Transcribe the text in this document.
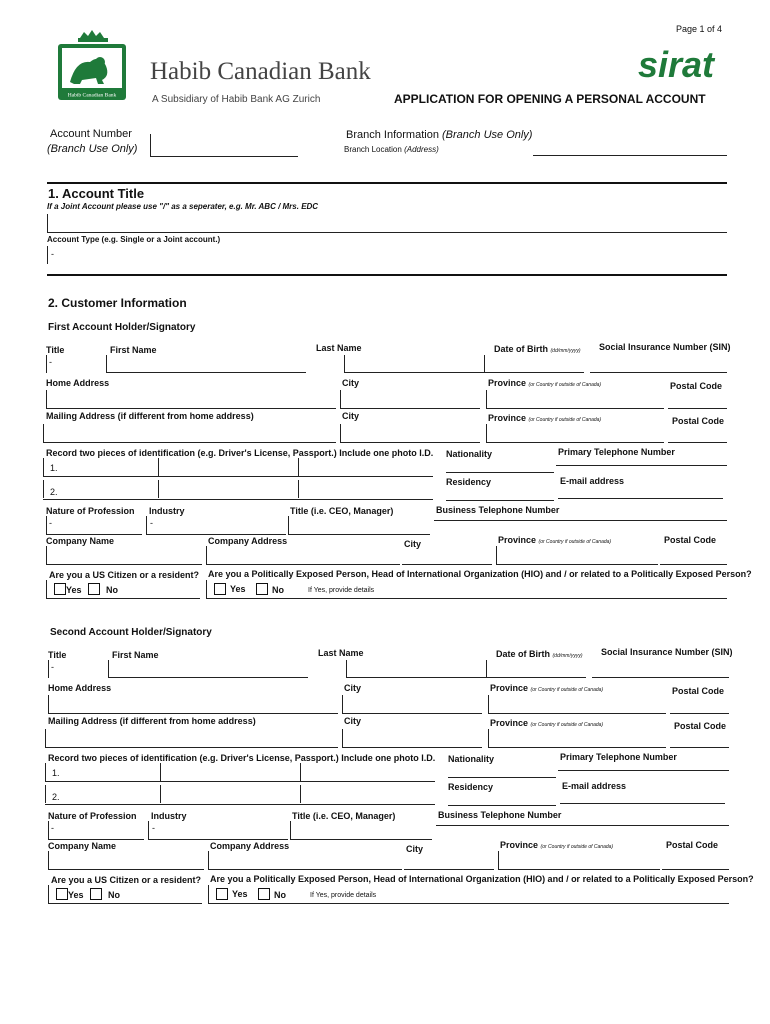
Page 1 of 4
Habib Canadian Bank
Habib Canadian Bank
A Subsidiary of Habib Bank AG Zurich
sirat
APPLICATION FOR OPENING A PERSONAL ACCOUNT
Account Number
(Branch Use Only)
Branch Information (Branch Use Only)
Branch Location (Address)
1. Account Title
If a Joint Account please use "/" as a seperater, e.g. Mr. ABC / Mrs. EDC
Account Type (e.g. Single or a Joint account.)
-
2. Customer Information
First Account Holder/Signatory
Title	First Name	Last Name	Date of Birth (dd/mm/yyyy) Social Insurance Number (SIN)
-
Home Address	City	Province (or Country if outside of Canada)	Postal Code
Mailing Address (if different from home address)	City	Province (or Country if outside of Canada)	Postal Code
Record two pieces of identification (e.g. Driver's License, Passport.) Include one photo I.D. Nationality	Primary Telephone Number
1.
Residency	E-mail address
2.
Nature of Profession Industry	Title (i.e. CEO, Manager)	Business Telephone Number
-	-
Company Name	Company Address	City	Province (or Country if outside of Canada)	Postal Code
Are you a US Citizen or a resident? Are you a Politically Exposed Person, Head of International Organization (HIO) and / or related to a Politically Exposed Person?
Yes	No	Yes	No	If Yes, provide details
Second Account Holder/Signatory
Title	First Name	Last Name	Date of Birth (dd/mm/yyyy) Social Insurance Number (SIN)
-
Home Address	City	Province (or Country if outside of Canada)	Postal Code
Mailing Address (if different from home address)	City	Province (or Country if outside of Canada)	Postal Code
Record two pieces of identification (e.g. Driver's License, Passport.) Include one photo I.D. Nationality	Primary Telephone Number
1.
Residency	E-mail address
2.
Nature of Profession Industry	Title (i.e. CEO, Manager)	Business Telephone Number
-	-
Company Name	Company Address	City	Province (or Country if outside of Canada)	Postal Code
Are you a US Citizen or a resident? Are you a Politically Exposed Person, Head of International Organization (HIO) and / or related to a Politically Exposed Person?
Yes	No	Yes	No	If Yes, provide details
